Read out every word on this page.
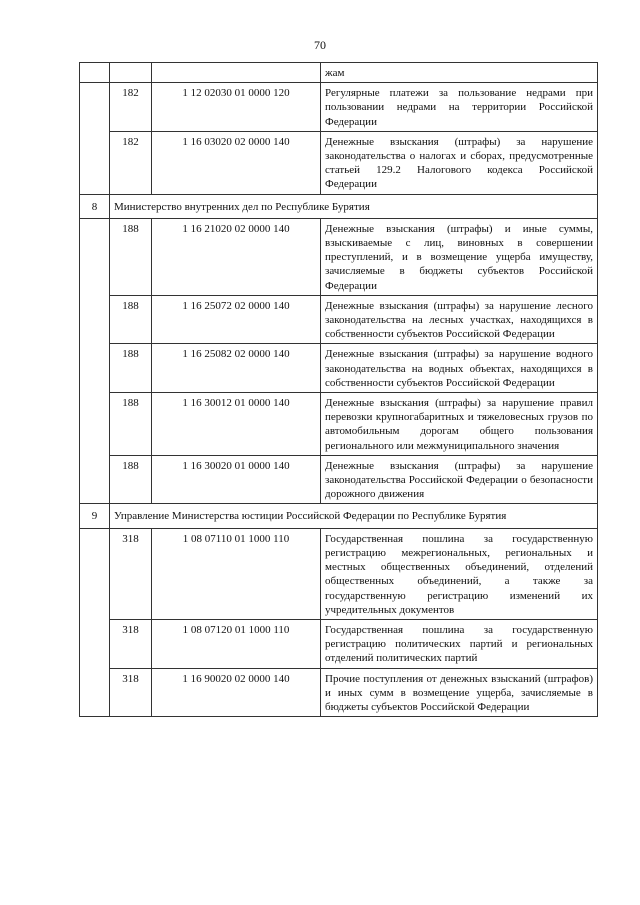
70
			жам
	182	1 12 02030 01 0000 120	Регулярные платежи за пользование недрами при пользовании недрами на территории Российской Федерации
	182	1 16 03020 02 0000 140	Денежные взыскания (штрафы) за нарушение законодательства о налогах и сборах, предусмотренные статьей 129.2 Налогового кодекса Российской Федерации
8	Министерство внутренних дел по Республике Бурятия		
	188	1 16 21020 02 0000 140	Денежные взыскания (штрафы) и иные суммы, взыскиваемые с лиц, виновных в совершении преступлений, и в возмещение ущерба имуществу, зачисляемые в бюджеты субъектов Российской Федерации
	188	1 16 25072 02 0000 140	Денежные взыскания (штрафы) за нарушение лесного законодательства на лесных участках, находящихся в собственности субъектов Российской Федерации
	188	1 16 25082 02 0000 140	Денежные взыскания (штрафы) за нарушение водного законодательства на водных объектах, находящихся в собственности субъектов Российской Федерации
	188	1 16 30012 01 0000 140	Денежные взыскания (штрафы) за нарушение правил перевозки крупногабаритных и тяжеловесных грузов по автомобильным дорогам общего пользования регионального или межмуниципального значения
	188	1 16 30020 01 0000 140	Денежные взыскания (штрафы) за нарушение законодательства Российской Федерации о безопасности дорожного движения
9	Управление Министерства юстиции Российской Федерации по Республике Бурятия		
	318	1 08 07110 01 1000 110	Государственная пошлина за государственную регистрацию межрегиональных, региональных и местных общественных объединений, отделений общественных объединений, а также за государственную регистрацию изменений их учредительных документов
	318	1 08 07120 01 1000 110	Государственная пошлина за государственную регистрацию политических партий и региональных отделений политических партий
	318	1 16 90020 02 0000 140	Прочие поступления от денежных взысканий (штрафов) и иных сумм в возмещение ущерба, зачисляемые в бюджеты субъектов Российской Федерации
